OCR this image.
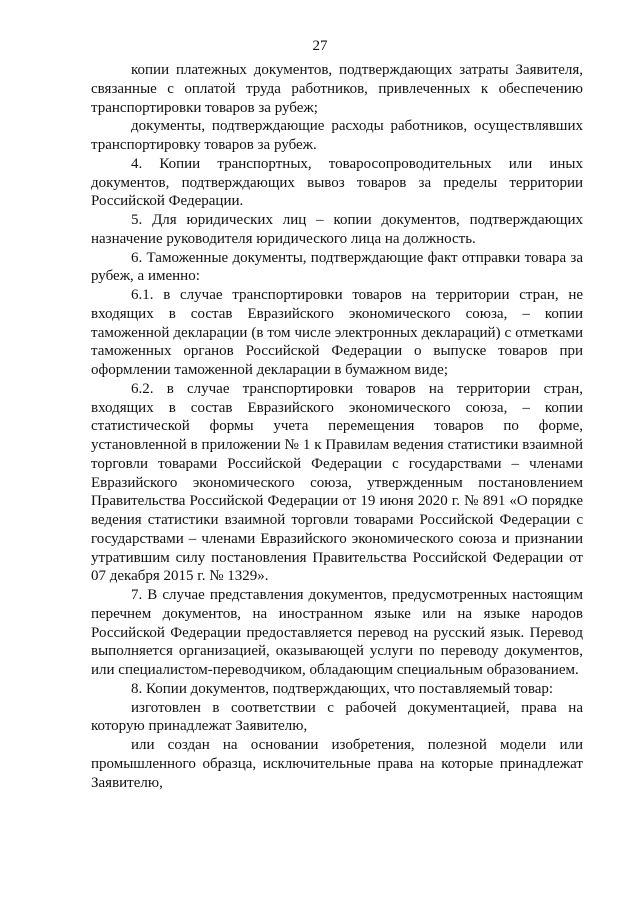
27

копии платежных документов, подтверждающих затраты Заявителя, связанные с оплатой труда работников, привлеченных к обеспечению транспортировки товаров за рубеж;

документы, подтверждающие расходы работников, осуществлявших транспортировку товаров за рубеж.

4. Копии транспортных, товаросопроводительных или иных документов, подтверждающих вывоз товаров за пределы территории Российской Федерации.

5. Для юридических лиц – копии документов, подтверждающих назначение руководителя юридического лица на должность.

6. Таможенные документы, подтверждающие факт отправки товара за рубеж, а именно:

6.1. в случае транспортировки товаров на территории стран, не входящих в состав Евразийского экономического союза, – копии таможенной декларации (в том числе электронных деклараций) с отметками таможенных органов Российской Федерации о выпуске товаров при оформлении таможенной декларации в бумажном виде;

6.2. в случае транспортировки товаров на территории стран, входящих в состав Евразийского экономического союза, – копии статистической формы учета перемещения товаров по форме, установленной в приложении № 1 к Правилам ведения статистики взаимной торговли товарами Российской Федерации с государствами – членами Евразийского экономического союза, утвержденным постановлением Правительства Российской Федерации от 19 июня 2020 г. № 891 «О порядке ведения статистики взаимной торговли товарами Российской Федерации с государствами – членами Евразийского экономического союза и признании утратившим силу постановления Правительства Российской Федерации от 07 декабря 2015 г. № 1329».

7. В случае представления документов, предусмотренных настоящим перечнем документов, на иностранном языке или на языке народов Российской Федерации предоставляется перевод на русский язык. Перевод выполняется организацией, оказывающей услуги по переводу документов, или специалистом-переводчиком, обладающим специальным образованием.

8. Копии документов, подтверждающих, что поставляемый товар:

изготовлен в соответствии с рабочей документацией, права на которую принадлежат Заявителю,

или создан на основании изобретения, полезной модели или промышленного образца, исключительные права на которые принадлежат Заявителю,
